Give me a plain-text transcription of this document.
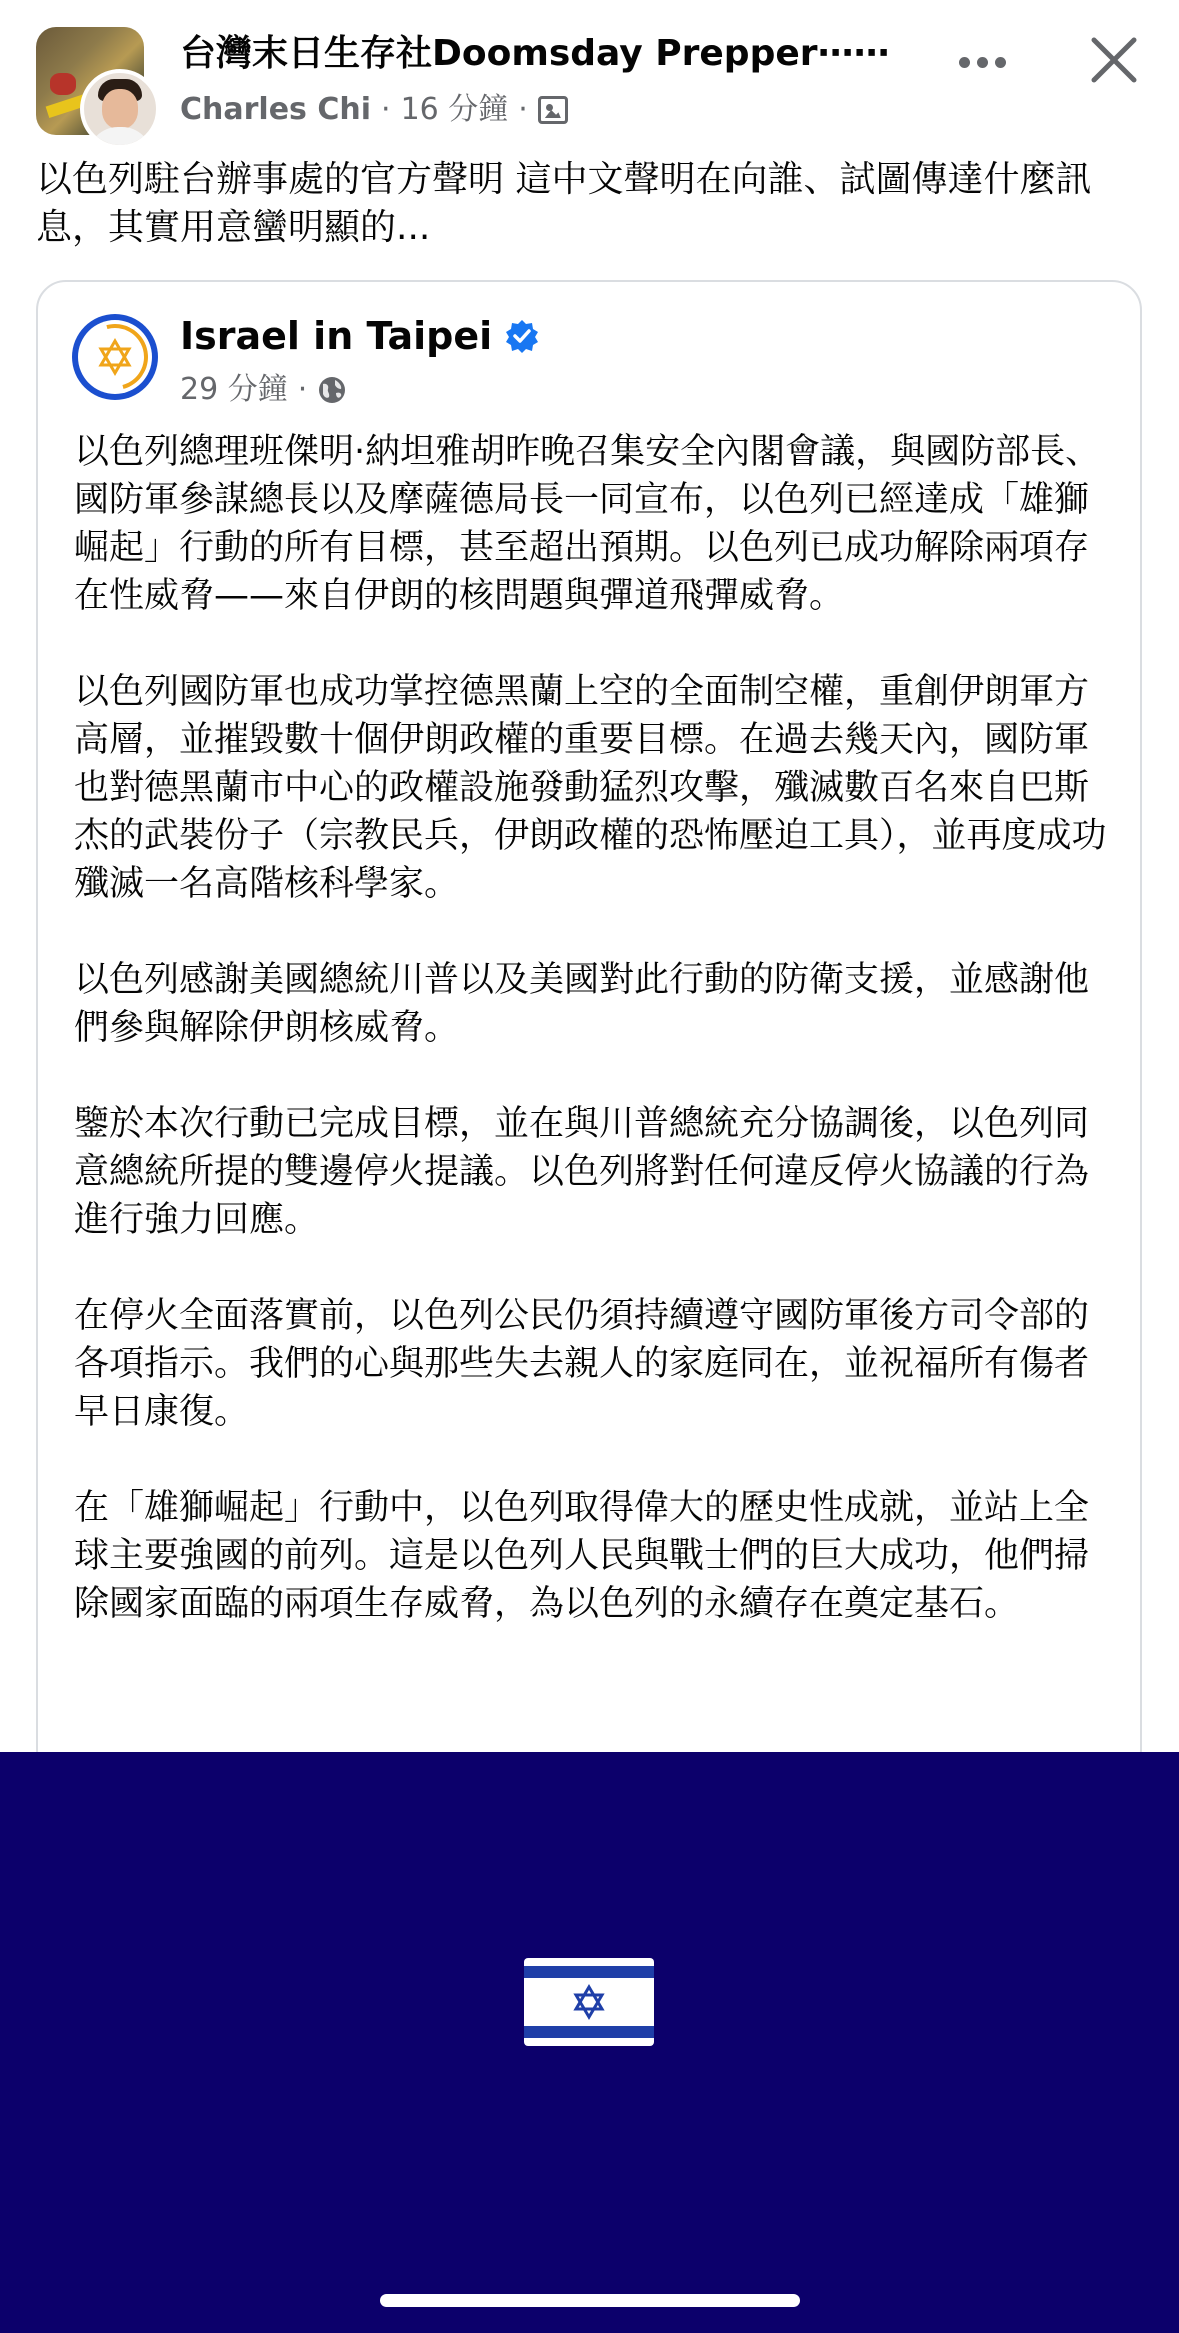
台灣末日生存社Doomsday Prepper⋯⋯
Charles Chi · 16 分鐘 ·
以色列駐台辦事處的官方聲明 這中文聲明在向誰、試圖傳達什麼訊息，其實用意蠻明顯的...
Israel in Taipei
29 分鐘 ·

以色列總理班傑明·納坦雅胡昨晚召集安全內閣會議，與國防部長、國防軍參謀總長以及摩薩德局長一同宣布，以色列已經達成「雄獅崛起」行動的所有目標，甚至超出預期。以色列已成功解除兩項存在性威脅——來自伊朗的核問題與彈道飛彈威脅。

以色列國防軍也成功掌控德黑蘭上空的全面制空權，重創伊朗軍方高層，並摧毀數十個伊朗政權的重要目標。在過去幾天內，國防軍也對德黑蘭市中心的政權設施發動猛烈攻擊，殲滅數百名來自巴斯杰的武裝份子（宗教民兵，伊朗政權的恐怖壓迫工具），並再度成功殲滅一名高階核科學家。

以色列感謝美國總統川普以及美國對此行動的防衛支援，並感謝他們參與解除伊朗核威脅。

鑒於本次行動已完成目標，並在與川普總統充分協調後，以色列同意總統所提的雙邊停火提議。以色列將對任何違反停火協議的行為進行強力回應。

在停火全面落實前，以色列公民仍須持續遵守國防軍後方司令部的各項指示。我們的心與那些失去親人的家庭同在，並祝福所有傷者早日康復。

在「雄獅崛起」行動中，以色列取得偉大的歷史性成就，並站上全球主要強國的前列。這是以色列人民與戰士們的巨大成功，他們掃除國家面臨的兩項生存威脅，為以色列的永續存在奠定基石。
